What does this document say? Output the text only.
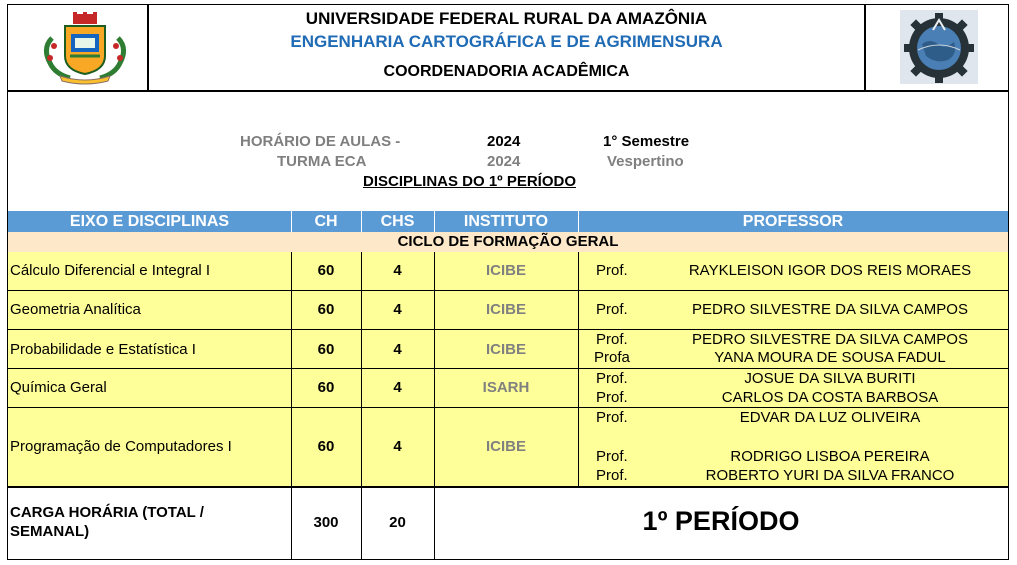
UNIVERSIDADE FEDERAL RURAL DA AMAZÔNIA
ENGENHARIA CARTOGRÁFICA E DE AGRIMENSURA
COORDENADORIA ACADÊMICA
HORÁRIO DE AULAS -
TURMA ECA
2024
2024
1° Semestre
Vespertino
DISCIPLINAS DO 1º PERÍODO
EIXO E DISCIPLINAS	CH	CHS	INSTITUTO	PROFESSOR
CICLO DE FORMAÇÃO GERAL
Cálculo Diferencial e Integral I	60	4	ICIBE	Prof.	RAYKLEISON IGOR DOS REIS MORAES
Geometria Analítica	60	4	ICIBE	Prof.	PEDRO SILVESTRE DA SILVA CAMPOS
Probabilidade e Estatística I	60	4	ICIBE
Prof.	PEDRO SILVESTRE DA SILVA CAMPOS
Profa	YANA MOURA DE SOUSA FADUL
Química Geral	60	4	ISARH
Prof.	JOSUE DA SILVA BURITI
Prof.	CARLOS DA COSTA BARBOSA
Programação de Computadores I	60	4	ICIBE
Prof.	EDVAR DA LUZ OLIVEIRA
Prof.	RODRIGO LISBOA PEREIRA
Prof.	ROBERTO YURI DA SILVA FRANCO
CARGA HORÁRIA (TOTAL / SEMANAL)
300	20	1º PERÍODO
